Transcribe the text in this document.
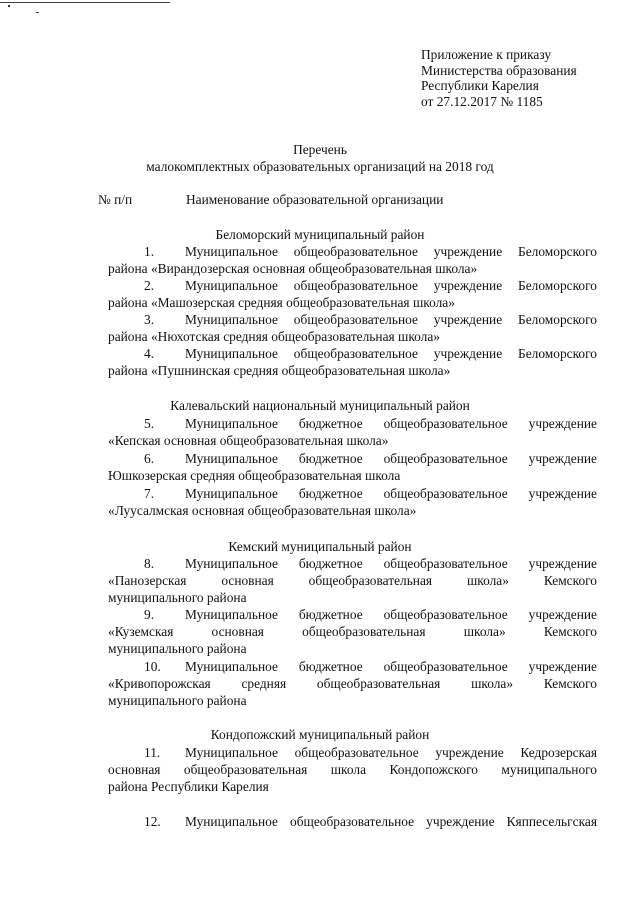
Приложение к приказу
Министерства образования
Республики Карелия
от 27.12.2017 № 1185
Перечень
малокомплектных образовательных организаций на 2018 год
№ п/п	Наименование образовательной организации
Беломорский муниципальный район
1. Муниципальное общеобразовательное учреждение Беломорского
района «Вирандозерская основная общеобразовательная школа»
2. Муниципальное общеобразовательное учреждение Беломорского
района «Машозерская средняя общеобразовательная школа»
3. Муниципальное общеобразовательное учреждение Беломорского
района «Нюхотская средняя общеобразовательная школа»
4. Муниципальное общеобразовательное учреждение Беломорского
района «Пушнинская средняя общеобразовательная школа»
Калевальский национальный муниципальный район
5. Муниципальное бюджетное общеобразовательное учреждение
«Кепская основная общеобразовательная школа»
6. Муниципальное бюджетное общеобразовательное учреждение
Юшкозерская средняя общеобразовательная школа
7. Муниципальное бюджетное общеобразовательное учреждение
«Луусалмская основная общеобразовательная школа»
Кемский муниципальный район
8. Муниципальное бюджетное общеобразовательное учреждение
«Панозерская основная общеобразовательная школа» Кемского
муниципального района
9. Муниципальное бюджетное общеобразовательное учреждение
«Куземская основная общеобразовательная школа» Кемского
муниципального района
10. Муниципальное бюджетное общеобразовательное учреждение
«Кривопорожская средняя общеобразовательная школа» Кемского
муниципального района
Кондопожский муниципальный район
11. Муниципальное общеобразовательное учреждение Кедрозерская
основная общеобразовательная школа Кондопожского муниципального
района Республики Карелия
12. Муниципальное общеобразовательное учреждение Кяппесельгская
